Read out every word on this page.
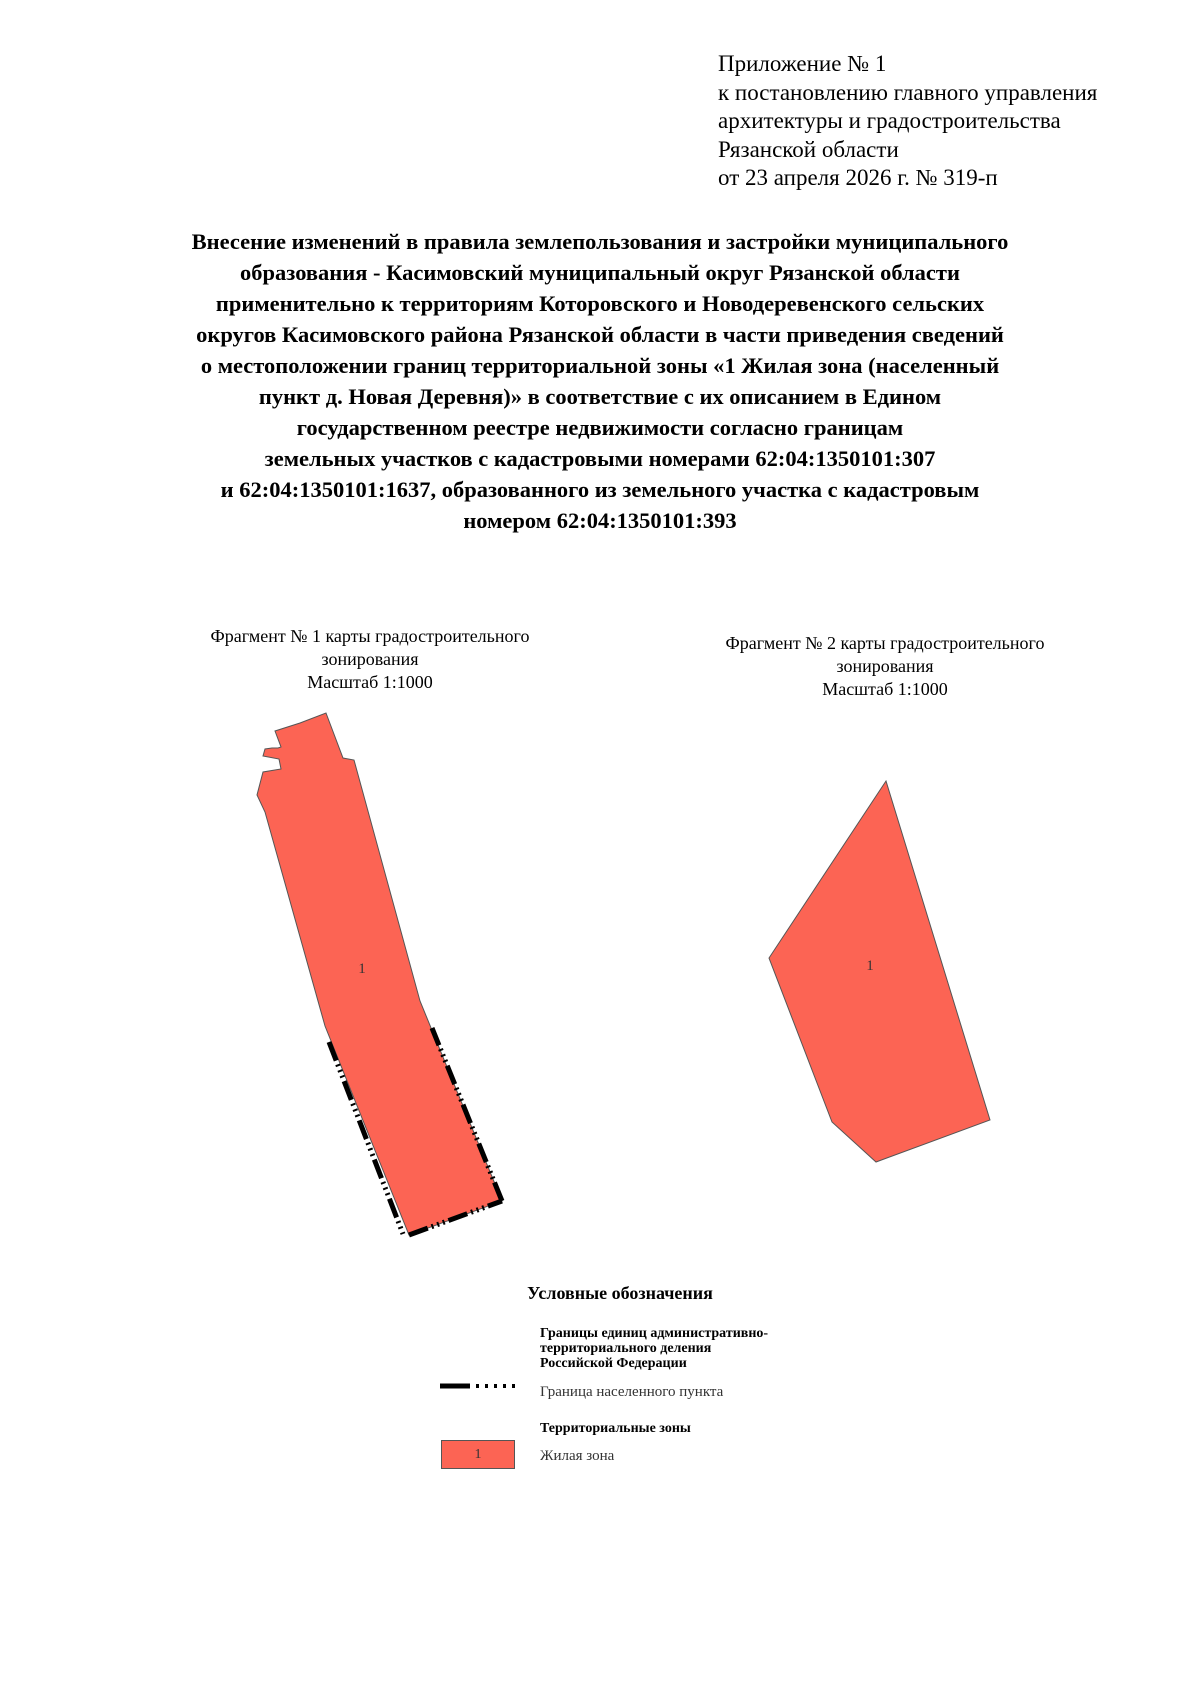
Приложение № 1
к постановлению главного управления
архитектуры и градостроительства
Рязанской области
от 23 апреля 2026 г. № 319-п
Внесение изменений в правила землепользования и застройки муниципального
образования - Касимовский муниципальный округ Рязанской области
применительно к территориям Которовского и Новодеревенского сельских
округов Касимовского района Рязанской области в части приведения сведений
о местоположении границ территориальной зоны «1 Жилая зона (населенный
пункт д. Новая Деревня)» в соответствие с их описанием в Едином
государственном реестре недвижимости согласно границам
земельных участков с кадастровыми номерами 62:04:1350101:307
и 62:04:1350101:1637, образованного из земельного участка с кадастровым
номером 62:04:1350101:393
Фрагмент № 1 карты градостроительного
зонирования
Масштаб 1:1000
Фрагмент № 2 карты градостроительного
зонирования
Масштаб 1:1000
1	1
Условные обозначения
Границы единиц административно-
территориального деления
Российской Федерации
Граница населенного пункта
Территориальные зоны
1	Жилая зона
